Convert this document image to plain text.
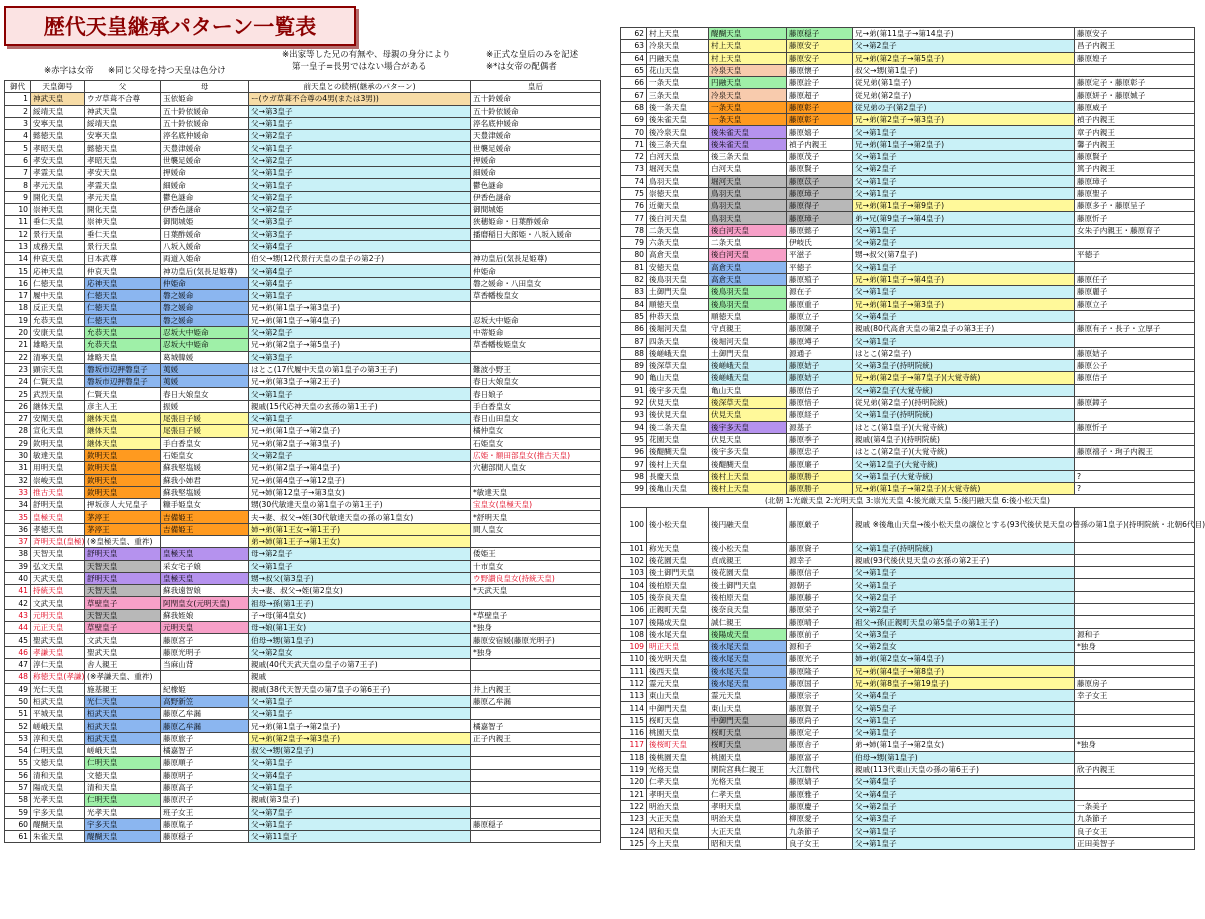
歴代天皇継承パターン一覧表
※赤字は女帝 ※同じ父母を持つ天皇は色分け
※出家等した兄の有無や、母親の身分により
第一皇子=長男ではない場合がある
※正式な皇后のみを記述
※*は女帝の配偶者
御代	天皇御号	父	母	前天皇との続柄(継承のパターン)	皇后
1	神武天皇	ウガ草葺不合尊	玉依姫命	ー(ウガ草葺不合尊の4男(または3男))	五十鈴媛命
2	綏靖天皇	神武天皇	五十鈴依媛命	父→第3皇子	五十鈴依媛命
3	安寧天皇	綏靖天皇	五十鈴依媛命	父→第1皇子	渟名底仲媛命
4	懿徳天皇	安寧天皇	渟名底仲媛命	父→第2皇子	天豊津媛命
5	孝昭天皇	懿徳天皇	天豊津媛命	父→第1皇子	世襲足媛命
6	孝安天皇	孝昭天皇	世襲足媛命	父→第2皇子	押媛命
7	孝霊天皇	孝安天皇	押媛命	父→第1皇子	細媛命
8	孝元天皇	孝霊天皇	細媛命	父→第1皇子	鬱色謎命
9	開化天皇	孝元天皇	鬱色謎命	父→第2皇子	伊香色謎命
10	崇神天皇	開化天皇	伊香色謎命	父→第2皇子	御間城姫
11	垂仁天皇	崇神天皇	御間城姫	父→第3皇子	狭穂姫命・日葉酢媛命
12	景行天皇	垂仁天皇	日葉酢媛命	父→第3皇子	播磨稲日大郎姫・八坂入媛命
13	成務天皇	景行天皇	八坂入媛命	父→第4皇子	
14	仲哀天皇	日本武尊	両道入姫命	伯父→甥(12代景行天皇の皇子の第2子)	神功皇后(気長足姫尊)
15	応神天皇	仲哀天皇	神功皇后(気長足姫尊)	父→第4皇子	仲姫命
16	仁徳天皇	応神天皇	仲姫命	父→第4皇子	磐之媛命・八田皇女
17	履中天皇	仁徳天皇	磐之媛命	父→第1皇子	草香幡梭皇女
18	反正天皇	仁徳天皇	磐之媛命	兄→弟(第1皇子→第3皇子)	
19	允恭天皇	仁徳天皇	磐之媛命	兄→弟(第1皇子→第4皇子)	忍坂大中姫命
20	安康天皇	允恭天皇	忍坂大中姫命	父→第2皇子	中蒂姫命
21	雄略天皇	允恭天皇	忍坂大中姫命	兄→弟(第2皇子→第5皇子)	草香幡梭姫皇女
22	清寧天皇	雄略天皇	葛城韓媛	父→第3皇子	
23	顕宗天皇	磐坂市辺押磐皇子	荑媛	はとこ(17代履中天皇の第1皇子の第3王子)	難波小野王
24	仁賢天皇	磐坂市辺押磐皇子	荑媛	兄→弟(第3皇子→第2王子)	春日大娘皇女
25	武烈天皇	仁賢天皇	春日大娘皇女	父→第1皇子	春日娘子
26	継体天皇	彦主人王	振媛	親戚(15代応神天皇の玄孫の第1王子)	手白香皇女
27	安閑天皇	継体天皇	尾張目子媛	父→第1皇子	春日山田皇女
28	宣化天皇	継体天皇	尾張目子媛	兄→弟(第1皇子→第2皇子)	橘仲皇女
29	欽明天皇	継体天皇	手白香皇女	兄→弟(第2皇子→第3皇子)	石姫皇女
30	敏達天皇	欽明天皇	石姫皇女	父→第2皇子	広姫・額田部皇女(推古天皇)
31	用明天皇	欽明天皇	蘇我堅塩媛	兄→弟(第2皇子→第4皇子)	穴穂部間人皇女
32	崇峻天皇	欽明天皇	蘇我小姉君	兄→弟(第4皇子→第12皇子)	
33	推古天皇	欽明天皇	蘇我堅塩媛	兄→姉(第12皇子→第3皇女)	*敏達天皇
34	舒明天皇	押坂彦人大兄皇子	糠手姫皇女	甥(30代敏達天皇の第1皇子の第1王子)	宝皇女(皇極天皇)
35	皇極天皇	茅渟王	吉備姫王	夫→妻、叔父→姪(30代敏達天皇の孫の第1皇女)	*舒明天皇
36	孝徳天皇	茅渟王	吉備姫王	姉→弟(第1王女→第1王子)	間人皇女
37	斉明天皇(皇極)	(※皇極天皇、重祚)		弟→姉(第1王子→第1王女)	
38	天智天皇	舒明天皇	皇極天皇	母→第2皇子	倭姫王
39	弘文天皇	天智天皇	采女宅子娘	父→第1皇子	十市皇女
40	天武天皇	舒明天皇	皇極天皇	甥→叔父(第3皇子)	ウ野讃良皇女(持統天皇)
41	持統天皇	天智天皇	蘇我遠智娘	夫→妻、叔父→姪(第2皇女)	*天武天皇
42	文武天皇	草壁皇子	阿閇皇女(元明天皇)	祖母→孫(第1王子)	
43	元明天皇	天智天皇	蘇我姪娘	子→母(第4皇女)	*草壁皇子
44	元正天皇	草壁皇子	元明天皇	母→娘(第1王女)	*独身
45	聖武天皇	文武天皇	藤原宮子	伯母→甥(第1皇子)	藤原安宿媛(藤原光明子)
46	孝謙天皇	聖武天皇	藤原光明子	父→第2皇女	*独身
47	淳仁天皇	舎人親王	当麻山背	親戚(40代天武天皇の皇子の第7王子)	
48	称徳天皇(孝謙)	(※孝謙天皇、重祚)		親戚	
49	光仁天皇	施基親王	紀橡姫	親戚(38代天智天皇の第7皇子の第6王子)	井上内親王
50	桓武天皇	光仁天皇	高野新笠	父→第1皇子	藤原乙牟漏
51	平城天皇	桓武天皇	藤原乙牟漏	父→第1皇子	
52	嵯峨天皇	桓武天皇	藤原乙牟漏	兄→弟(第1皇子→第2皇子)	橘嘉智子
53	淳和天皇	桓武天皇	藤原旅子	兄→弟(第2皇子→第3皇子)	正子内親王
54	仁明天皇	嵯峨天皇	橘嘉智子	叔父→甥(第2皇子)	
55	文徳天皇	仁明天皇	藤原順子	父→第1皇子	
56	清和天皇	文徳天皇	藤原明子	父→第4皇子	
57	陽成天皇	清和天皇	藤原高子	父→第1皇子	
58	光孝天皇	仁明天皇	藤原沢子	親戚(第3皇子)	
59	宇多天皇	光孝天皇	班子女王	父→第7皇子	
60	醍醐天皇	宇多天皇	藤原胤子	父→第1皇子	藤原穏子
61	朱雀天皇	醍醐天皇	藤原穏子	父→第11皇子	
62	村上天皇	醍醐天皇	藤原穏子	兄→弟(第11皇子→第14皇子)	藤原安子
63	冷泉天皇	村上天皇	藤原安子	父→第2皇子	昌子内親王
64	円融天皇	村上天皇	藤原安子	兄→弟(第2皇子→第5皇子)	藤原媓子
65	花山天皇	冷泉天皇	藤原懐子	叔父→甥(第1皇子)	
66	一条天皇	円融天皇	藤原詮子	従兄弟(第1皇子)	藤原定子・藤原彰子
67	三条天皇	冷泉天皇	藤原超子	従兄弟(第2皇子)	藤原妍子・藤原娍子
68	後一条天皇	一条天皇	藤原彰子	従兄弟の子(第2皇子)	藤原威子
69	後朱雀天皇	一条天皇	藤原彰子	兄→弟(第2皇子→第3皇子)	禎子内親王
70	後冷泉天皇	後朱雀天皇	藤原嬉子	父→第1皇子	章子内親王
71	後三条天皇	後朱雀天皇	禎子内親王	兄→弟(第1皇子→第2皇子)	馨子内親王
72	白河天皇	後三条天皇	藤原茂子	父→第1皇子	藤原賢子
73	堀河天皇	白河天皇	藤原賢子	父→第2皇子	篤子内親王
74	鳥羽天皇	堀河天皇	藤原苡子	父→第1皇子	藤原璋子
75	崇徳天皇	鳥羽天皇	藤原璋子	父→第1皇子	藤原聖子
76	近衛天皇	鳥羽天皇	藤原得子	兄→弟(第1皇子→第9皇子)	藤原多子・藤原呈子
77	後白河天皇	鳥羽天皇	藤原璋子	弟→兄(第9皇子→第4皇子)	藤原忻子
78	二条天皇	後白河天皇	藤原懿子	父→第1皇子	女朱子内親王・藤原育子
79	六条天皇	二条天皇	伊岐氏	父→第2皇子	
80	高倉天皇	後白河天皇	平滋子	甥→叔父(第7皇子)	平徳子
81	安徳天皇	高倉天皇	平徳子	父→第1皇子	
82	後鳥羽天皇	高倉天皇	藤原殖子	兄→弟(第1皇子→第4皇子)	藤原任子
83	土御門天皇	後鳥羽天皇	源在子	父→第1皇子	藤原麗子
84	順徳天皇	後鳥羽天皇	藤原重子	兄→弟(第1皇子→第3皇子)	藤原立子
85	仲恭天皇	順徳天皇	藤原立子	父→第4皇子	
86	後堀河天皇	守貞親王	藤原陳子	親戚(80代高倉天皇の第2皇子の第3王子)	藤原有子・長子・立厚子
87	四条天皇	後堀河天皇	藤原竴子	父→第1皇子	
88	後嵯峨天皇	土御門天皇	源通子	はとこ(第2皇子)	藤原姞子
89	後深草天皇	後嵯峨天皇	藤原姞子	父→第3皇子(持明院統)	藤原公子
90	亀山天皇	後嵯峨天皇	藤原姞子	兄→弟(第2皇子→第7皇子)(大覚寺統)	藤原佶子
91	後宇多天皇	亀山天皇	藤原佶子	父→第2皇子(大覚寺統)	
92	伏見天皇	後深草天皇	藤原愔子	従兄弟(第2皇子)(持明院統)	藤原鏱子
93	後伏見天皇	伏見天皇	藤原経子	父→第1皇子(持明院統)	
94	後二条天皇	後宇多天皇	源基子	はとこ(第1皇子)(大覚寺統)	藤原忻子
95	花園天皇	伏見天皇	藤原季子	親戚(第4皇子)(持明院統)	
96	後醍醐天皇	後宇多天皇	藤原忠子	はとこ(第2皇子)(大覚寺統)	藤原禧子・珣子内親王
97	後村上天皇	後醍醐天皇	藤原廉子	父→第12皇子(大覚寺統)	
98	長慶天皇	後村上天皇	藤原勝子	父→第1皇子(大覚寺統)	?
99	後亀山天皇	後村上天皇	藤原勝子	兄→弟(第1皇子→第2皇子)(大覚寺統)	?
(北朝 1:光厳天皇 2:光明天皇 3:崇光天皇 4:後光厳天皇 5:後円融天皇 6:後小松天皇)					
100	後小松天皇	後円融天皇	藤原厳子	親戚 ※後亀山天皇→後小松天皇の譲位とする(93代後伏見天皇の曾孫の第1皇子)(持明院統・北朝6代目)	
101	称光天皇	後小松天皇	藤原資子	父→第1皇子(持明院統)	
102	後花園天皇	貞成親王	源幸子	親戚(93代後伏見天皇の玄孫の第2王子)	
103	後土御門天皇	後花園天皇	藤原信子	父→第1皇子	
104	後柏原天皇	後土御門天皇	源朝子	父→第1皇子	
105	後奈良天皇	後柏原天皇	藤原藤子	父→第2皇子	
106	正親町天皇	後奈良天皇	藤原栄子	父→第2皇子	
107	後陽成天皇	誠仁親王	藤原晴子	祖父→孫(正親町天皇の第5皇子の第1王子)	
108	後水尾天皇	後陽成天皇	藤原前子	父→第3皇子	源和子
109	明正天皇	後水尾天皇	源和子	父→第2皇女	*独身
110	後光明天皇	後水尾天皇	藤原光子	姉→弟(第2皇女→第4皇子)	
111	後西天皇	後水尾天皇	藤原隆子	兄→弟(第4皇子→第8皇子)	
112	霊元天皇	後水尾天皇	藤原国子	兄→弟(第8皇子→第19皇子)	藤原房子
113	東山天皇	霊元天皇	藤原宗子	父→第4皇子	幸子女王
114	中御門天皇	東山天皇	藤原賀子	父→第5皇子	
115	桜町天皇	中御門天皇	藤原尚子	父→第1皇子	
116	桃園天皇	桜町天皇	藤原定子	父→第1皇子	
117	後桜町天皇	桜町天皇	藤原舎子	弟→姉(第1皇子→第2皇女)	*独身
118	後桃園天皇	桃園天皇	藤原富子	伯母→甥(第1皇子)	
119	光格天皇	閑院宮典仁親王	大江磐代	親戚(113代東山天皇の孫の第6王子)	欣子内親王
120	仁孝天皇	光格天皇	藤原婧子	父→第4皇子	
121	孝明天皇	仁孝天皇	藤原雅子	父→第4皇子	
122	明治天皇	孝明天皇	藤原慶子	父→第2皇子	一条美子
123	大正天皇	明治天皇	柳原愛子	父→第3皇子	九条節子
124	昭和天皇	大正天皇	九条節子	父→第1皇子	良子女王
125	今上天皇	昭和天皇	良子女王	父→第1皇子	正田美智子
